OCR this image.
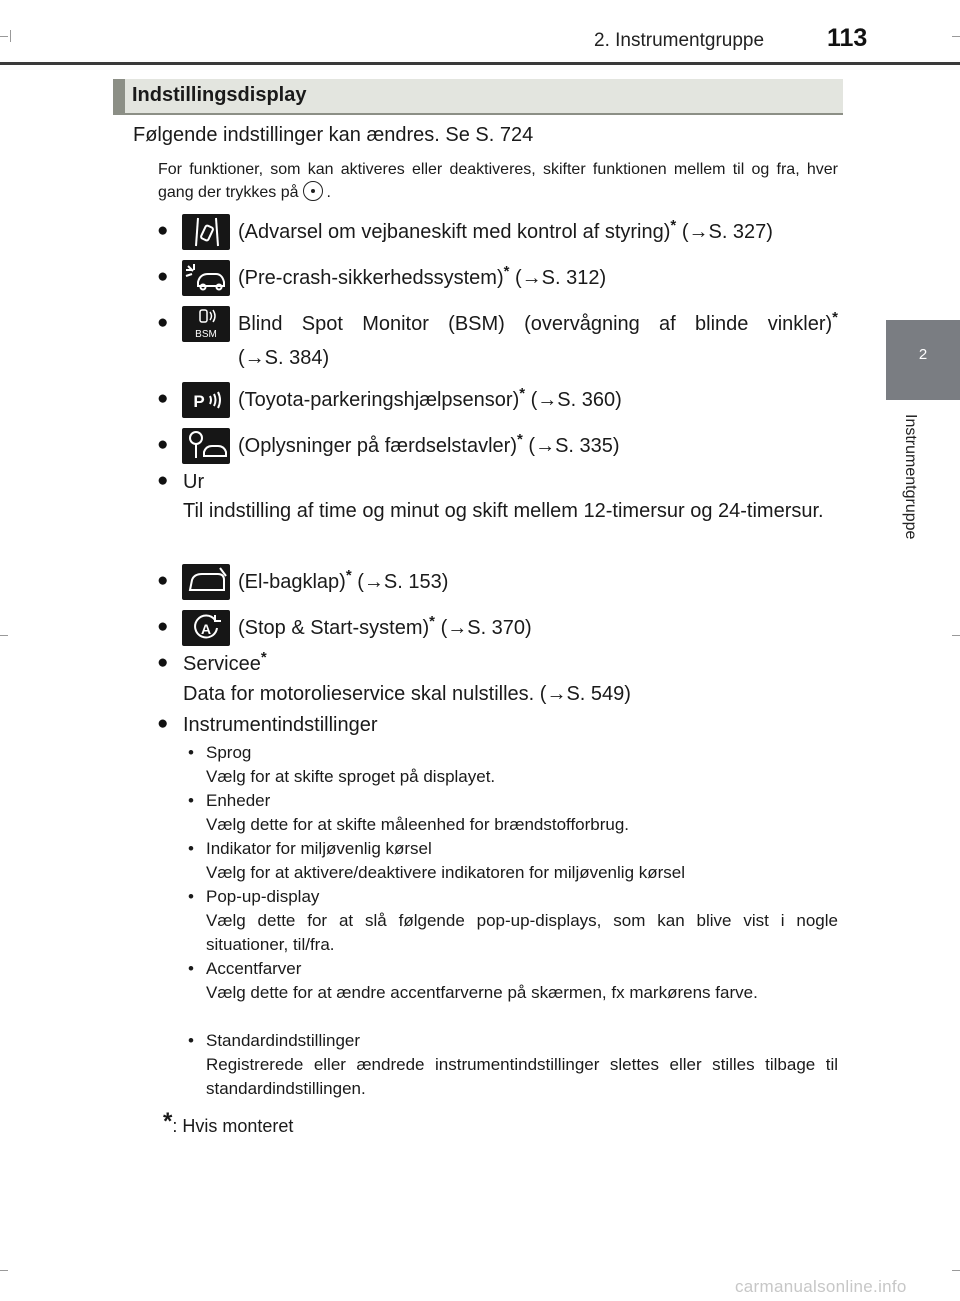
2. Instrumentgruppe	113
2
Instrumentgruppe
Indstillingsdisplay
Følgende indstillinger kan ændres. Se S. 724
For funktioner, som kan aktiveres eller deaktiveres, skifter funktionen mellem til og fra, hver gang der trykkes på .
●	(Advarsel om vejbaneskift med kontrol af styring)* (→S. 327)
●	(Pre-crash-sikkerhedssystem)* (→S. 312)
●
BSM Blind Spot Monitor (BSM) (overvågning af blinde vinkler)*
(→S. 384)
● P (Toyota-parkeringshjælpsensor)* (→S. 360)
●	(Oplysninger på færdselstavler)* (→S. 335)
● Ur
Til indstilling af time og minut og skift mellem 12-timersur og 24-timersur.
●	(El-bagklap)* (→S. 153)
● A (Stop & Start-system)* (→S. 370)
● Servicee*
Data for motorolieservice skal nulstilles. (→S. 549)
● Instrumentindstillinger
• Sprog
Vælg for at skifte sproget på displayet.
• Enheder
Vælg dette for at skifte måleenhed for brændstofforbrug.
• Indikator for miljøvenlig kørsel
Vælg for at aktivere/deaktivere indikatoren for miljøvenlig kørsel
• Pop-up-display
Vælg dette for at slå følgende pop-up-displays, som kan blive vist i nogle situationer, til/fra.
• Accentfarver
Vælg dette for at ændre accentfarverne på skærmen, fx markørens farve.
• Standardindstillinger
Registrerede eller ændrede instrumentindstillinger slettes eller stilles tilbage til standardindstillingen.
*: Hvis monteret
carmanualsonline.info
